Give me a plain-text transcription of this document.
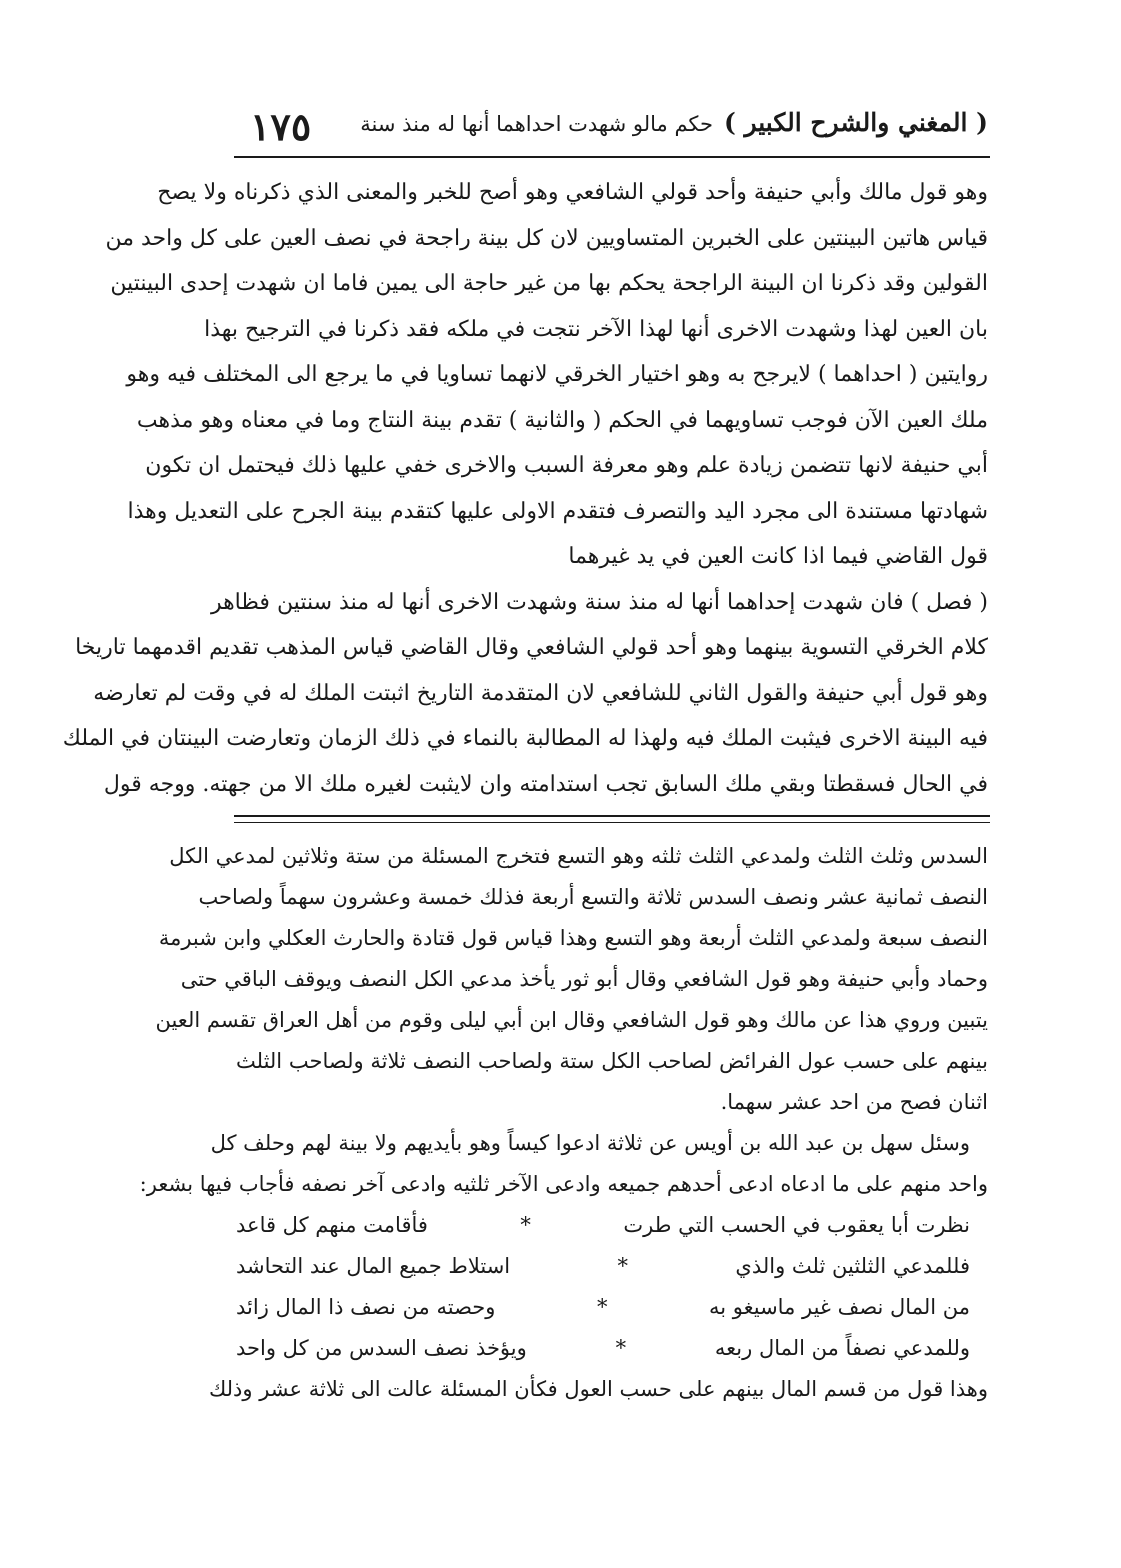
( المغني والشرح الكبير )
حكم مالو شهدت احداهما أنها له منذ سنة
١٧٥
وهو قول مالك وأبي حنيفة وأحد قولي الشافعي وهو أصح للخبر والمعنى الذي ذكرناه ولا يصح
قياس هاتين البينتين على الخبرين المتساويين لان كل بينة راجحة في نصف العين على كل واحد من
القولين وقد ذكرنا ان البينة الراجحة يحكم بها من غير حاجة الى يمين فاما ان شهدت إحدى البينتين
بان العين لهذا وشهدت الاخرى أنها لهذا الآخر نتجت في ملكه فقد ذكرنا في الترجيح بهذا
روايتين ( احداهما ) لايرجح به وهو اختيار الخرقي لانهما تساويا في ما يرجع الى المختلف فيه وهو
ملك العين الآن فوجب تساويهما في الحكم ( والثانية ) تقدم بينة النتاج وما في معناه وهو مذهب
أبي حنيفة لانها تتضمن زيادة علم وهو معرفة السبب والاخرى خفي عليها ذلك فيحتمل ان تكون
شهادتها مستندة الى مجرد اليد والتصرف فتقدم الاولى عليها كتقدم بينة الجرح على التعديل وهذا
قول القاضي فيما اذا كانت العين في يد غيرهما
( فصل ) فان شهدت إحداهما أنها له منذ سنة وشهدت الاخرى أنها له منذ سنتين فظاهر
كلام الخرقي التسوية بينهما وهو أحد قولي الشافعي وقال القاضي قياس المذهب تقديم اقدمهما تاريخا
وهو قول أبي حنيفة والقول الثاني للشافعي لان المتقدمة التاريخ اثبتت الملك له في وقت لم تعارضه
فيه البينة الاخرى فيثبت الملك فيه ولهذا له المطالبة بالنماء في ذلك الزمان وتعارضت البينتان في الملك
في الحال فسقطتا وبقي ملك السابق تجب استدامته وان لايثبت لغيره ملك الا من جهته. ووجه قول
السدس وثلث الثلث ولمدعي الثلث ثلثه وهو التسع فتخرج المسئلة من ستة وثلاثين لمدعي الكل
النصف ثمانية عشر ونصف السدس ثلاثة والتسع أربعة فذلك خمسة وعشرون سهماً ولصاحب
النصف سبعة ولمدعي الثلث أربعة وهو التسع وهذا قياس قول قتادة والحارث العكلي وابن شبرمة
وحماد وأبي حنيفة وهو قول الشافعي وقال أبو ثور يأخذ مدعي الكل النصف ويوقف الباقي حتى
يتبين وروي هذا عن مالك وهو قول الشافعي وقال ابن أبي ليلى وقوم من أهل العراق تقسم العين
بينهم على حسب عول الفرائض لصاحب الكل ستة ولصاحب النصف ثلاثة ولصاحب الثلث
اثنان فصح من احد عشر سهما.
وسئل سهل بن عبد الله بن أويس عن ثلاثة ادعوا كيساً وهو بأيديهم ولا بينة لهم وحلف كل
واحد منهم على ما ادعاه ادعى أحدهم جميعه وادعى الآخر ثلثيه وادعى آخر نصفه فأجاب فيها بشعر:
نظرت أبا يعقوب في الحسب التي طرت
*
فأقامت منهم كل قاعد
فللمدعي الثلثين ثلث والذي
*
استلاط جميع المال عند التحاشد
من المال نصف غير ماسيغو به
*
وحصته من نصف ذا المال زائد
وللمدعي نصفاً من المال ربعه
*
ويؤخذ نصف السدس من كل واحد
وهذا قول من قسم المال بينهم على حسب العول فكأن المسئلة عالت الى ثلاثة عشر وذلك
